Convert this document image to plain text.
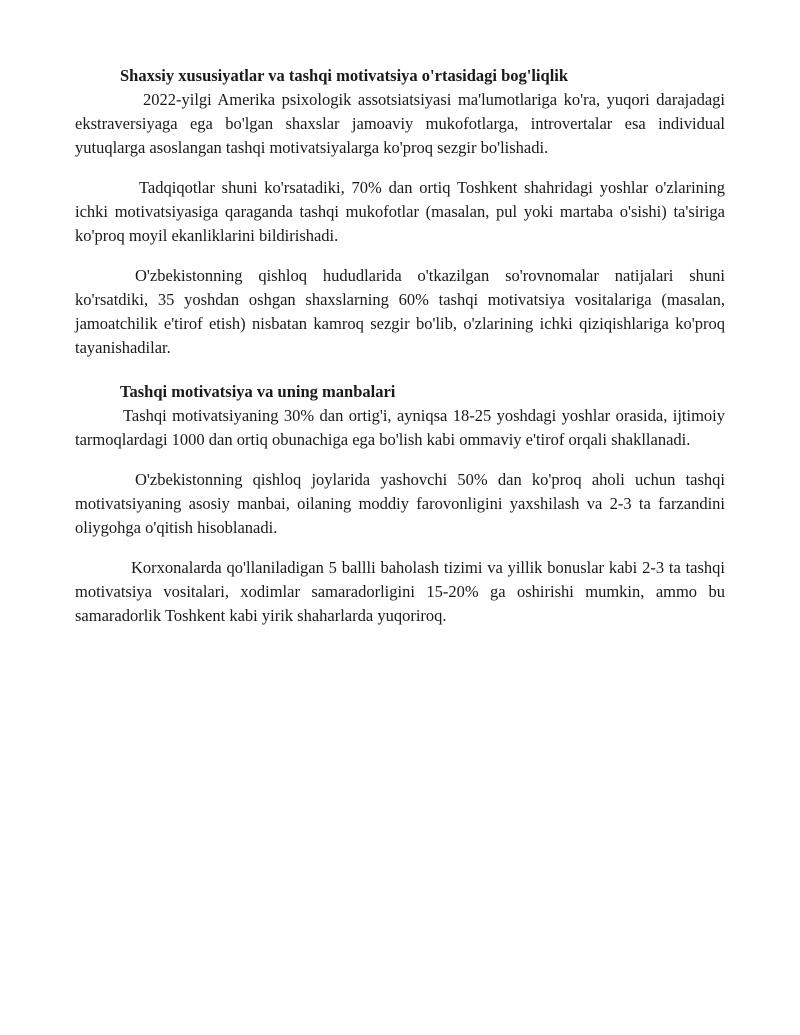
Shaxsiy xususiyatlar va tashqi motivatsiya o'rtasidagi bog'liqlik

2022-yilgi Amerika psixologik assotsiatsiyasi ma'lumotlariga ko'ra, yuqori darajadagi ekstraversiyaga ega bo'lgan shaxslar jamoaviy mukofotlarga, introvertalar esa individual yutuqlarga asoslangan tashqi motivatsiyalarga ko'proq sezgir bo'lishadi.

Tadqiqotlar shuni ko'rsatadiki, 70% dan ortiq Toshkent shahridagi yoshlar o'zlarining ichki motivatsiyasiga qaraganda tashqi mukofotlar (masalan, pul yoki martaba o'sishi) ta'siriga ko'proq moyil ekanliklarini bildirishadi.

O'zbekistonning qishloq hududlarida o'tkazilgan so'rovnomalar natijalari shuni ko'rsatdiki, 35 yoshdan oshgan shaxslarning 60% tashqi motivatsiya vositalariga (masalan, jamoatchilik e'tirof etish) nisbatan kamroq sezgir bo'lib, o'zlarining ichki qiziqishlariga ko'proq tayanishadilar.

Tashqi motivatsiya va uning manbalari

Tashqi motivatsiyaning 30% dan ortig'i, ayniqsa 18-25 yoshdagi yoshlar orasida, ijtimoiy tarmoqlardagi 1000 dan ortiq obunachiga ega bo'lish kabi ommaviy e'tirof orqali shakllanadi.

O'zbekistonning qishloq joylarida yashovchi 50% dan ko'proq aholi uchun tashqi motivatsiyaning asosiy manbai, oilaning moddiy farovonligini yaxshilash va 2-3 ta farzandini oliygohga o'qitish hisoblanadi.

Korxonalarda qo'llaniladigan 5 ballli baholash tizimi va yillik bonuslar kabi 2-3 ta tashqi motivatsiya vositalari, xodimlar samaradorligini 15-20% ga oshirishi mumkin, ammo bu samaradorlik Toshkent kabi yirik shaharlarda yuqoriroq.
